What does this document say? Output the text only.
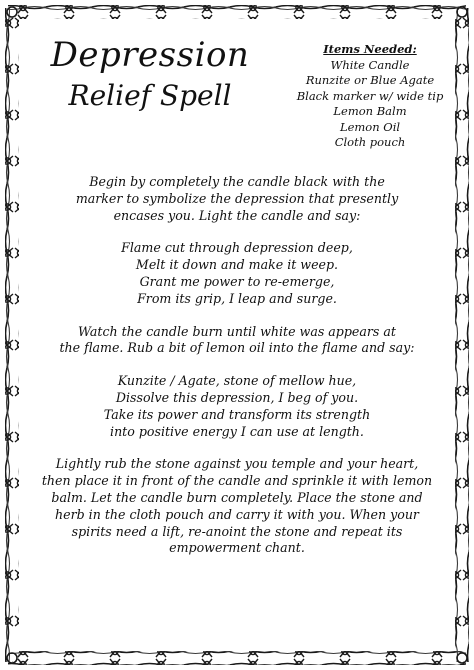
Depression
Relief Spell
Items Needed:
White Candle
Runzite or Blue Agate
Black marker w/ wide tip
Lemon Balm
Lemon Oil
Cloth pouch
Begin by completely the candle black with the
marker to symbolize the depression that presently
encases you. Light the candle and say:
Flame cut through depression deep,
Melt it down and make it weep.
Grant me power to re-emerge,
From its grip, I leap and surge.
Watch the candle burn until white was appears at
the flame. Rub a bit of lemon oil into the flame and say:
Kunzite / Agate, stone of mellow hue,
Dissolve this depression, I beg of you.
Take its power and transform its strength
into positive energy I can use at length.
Lightly rub the stone against you temple and your heart,
then place it in front of the candle and sprinkle it with lemon
balm. Let the candle burn completely. Place the stone and
herb in the cloth pouch and carry it with you. When your
spirits need a lift, re-anoint the stone and repeat its
empowerment chant.
